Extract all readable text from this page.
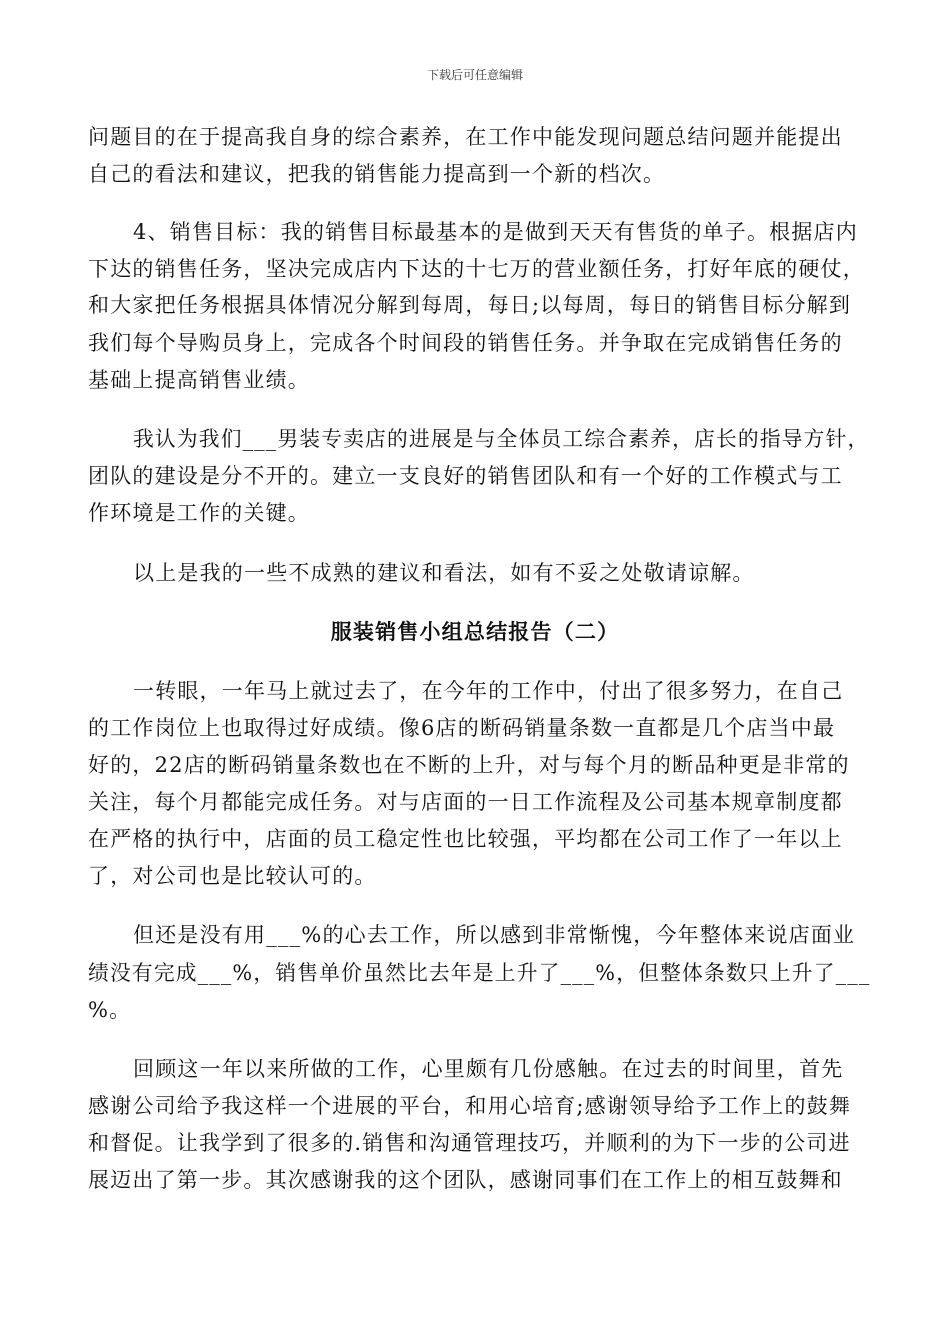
下载后可任意编辑
问题目的在于提高我自身的综合素养，在工作中能发现问题总结问题并能提出
自己的看法和建议，把我的销售能力提高到一个新的档次。
4、销售目标：我的销售目标最基本的是做到天天有售货的单子。根据店内
下达的销售任务，坚决完成店内下达的十七万的营业额任务，打好年底的硬仗，
和大家把任务根据具体情况分解到每周，每日;以每周，每日的销售目标分解到
我们每个导购员身上，完成各个时间段的销售任务。并争取在完成销售任务的
基础上提高销售业绩。
我认为我们___男装专卖店的进展是与全体员工综合素养，店长的指导方针，
团队的建设是分不开的。建立一支良好的销售团队和有一个好的工作模式与工
作环境是工作的关键。
以上是我的一些不成熟的建议和看法，如有不妥之处敬请谅解。
服装销售小组总结报告（二）
一转眼，一年马上就过去了，在今年的工作中，付出了很多努力，在自己
的工作岗位上也取得过好成绩。像6店的断码销量条数一直都是几个店当中最
好的，22店的断码销量条数也在不断的上升，对与每个月的断品种更是非常的
关注，每个月都能完成任务。对与店面的一日工作流程及公司基本规章制度都
在严格的执行中，店面的员工稳定性也比较强，平均都在公司工作了一年以上
了，对公司也是比较认可的。
但还是没有用___%的心去工作，所以感到非常惭愧，今年整体来说店面业
绩没有完成___%，销售单价虽然比去年是上升了___%，但整体条数只上升了___
%。
回顾这一年以来所做的工作，心里颇有几份感触。在过去的时间里，首先
感谢公司给予我这样一个进展的平台，和用心培育;感谢领导给予工作上的鼓舞
和督促。让我学到了很多的.销售和沟通管理技巧，并顺利的为下一步的公司进
展迈出了第一步。其次感谢我的这个团队，感谢同事们在工作上的相互鼓舞和
